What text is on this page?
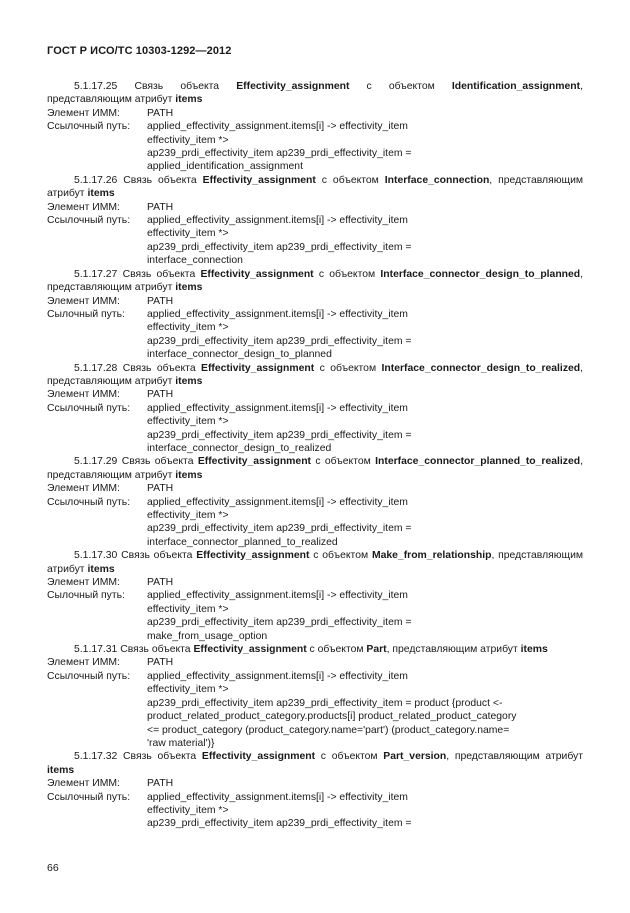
ГОСТ Р ИСО/ТС 10303-1292—2012

5.1.17.25 Связь объекта Effectivity_assignment с объектом Identification_assignment, представляющим атрибут items

Элемент ИММ:	PATH
Ссылочный путь:	applied_effectivity_assignment.items[i] -> effectivity_item
effectivity_item *>
ap239_prdi_effectivity_item ap239_prdi_effectivity_item =
applied_identification_assignment

5.1.17.26 Связь объекта Effectivity_assignment с объектом Interface_connection, представляющим атрибут items

Элемент ИММ:	PATH
Ссылочный путь:	applied_effectivity_assignment.items[i] -> effectivity_item
effectivity_item *>
ap239_prdi_effectivity_item ap239_prdi_effectivity_item =
interface_connection

5.1.17.27 Связь объекта Effectivity_assignment с объектом Interface_connector_design_to_planned, представляющим атрибут items

Элемент ИММ:	PATH
Сылочный путь:	applied_effectivity_assignment.items[i] -> effectivity_item
effectivity_item *>
ap239_prdi_effectivity_item ap239_prdi_effectivity_item =
interface_connector_design_to_planned

5.1.17.28 Связь объекта Effectivity_assignment с объектом Interface_connector_design_to_realized, представляющим атрибут items

Элемент ИММ:	PATH
Ссылочный путь:	applied_effectivity_assignment.items[i] -> effectivity_item
effectivity_item *>
ap239_prdi_effectivity_item ap239_prdi_effectivity_item =
interface_connector_design_to_realized

5.1.17.29 Связь объекта Effectivity_assignment с объектом Interface_connector_planned_to_realized, представляющим атрибут items

Элемент ИММ:	PATH
Ссылочный путь:	applied_effectivity_assignment.items[i] -> effectivity_item
effectivity_item *>
ap239_prdi_effectivity_item ap239_prdi_effectivity_item =
interface_connector_planned_to_realized

5.1.17.30 Связь объекта Effectivity_assignment с объектом Make_from_relationship, представляющим атрибут items

Элемент ИММ:	PATH
Сылочный путь:	applied_effectivity_assignment.items[i] -> effectivity_item
effectivity_item *>
ap239_prdi_effectivity_item ap239_prdi_effectivity_item =
make_from_usage_option

5.1.17.31 Связь объекта Effectivity_assignment с объектом Part, представляющим атрибут items

Элемент ИММ:	PATH
Ссылочный путь:	applied_effectivity_assignment.items[i] -> effectivity_item
effectivity_item *>
ap239_prdi_effectivity_item ap239_prdi_effectivity_item = product {product <-
product_related_product_category.products[i] product_related_product_category
<= product_category (product_category.name='part') (product_category.name=
'raw material')}

5.1.17.32 Связь объекта Effectivity_assignment с объектом Part_version, представляющим атрибут items

Элемент ИММ:	PATH
Ссылочный путь:	applied_effectivity_assignment.items[i] -> effectivity_item
effectivity_item *>
ap239_prdi_effectivity_item ap239_prdi_effectivity_item =
66
